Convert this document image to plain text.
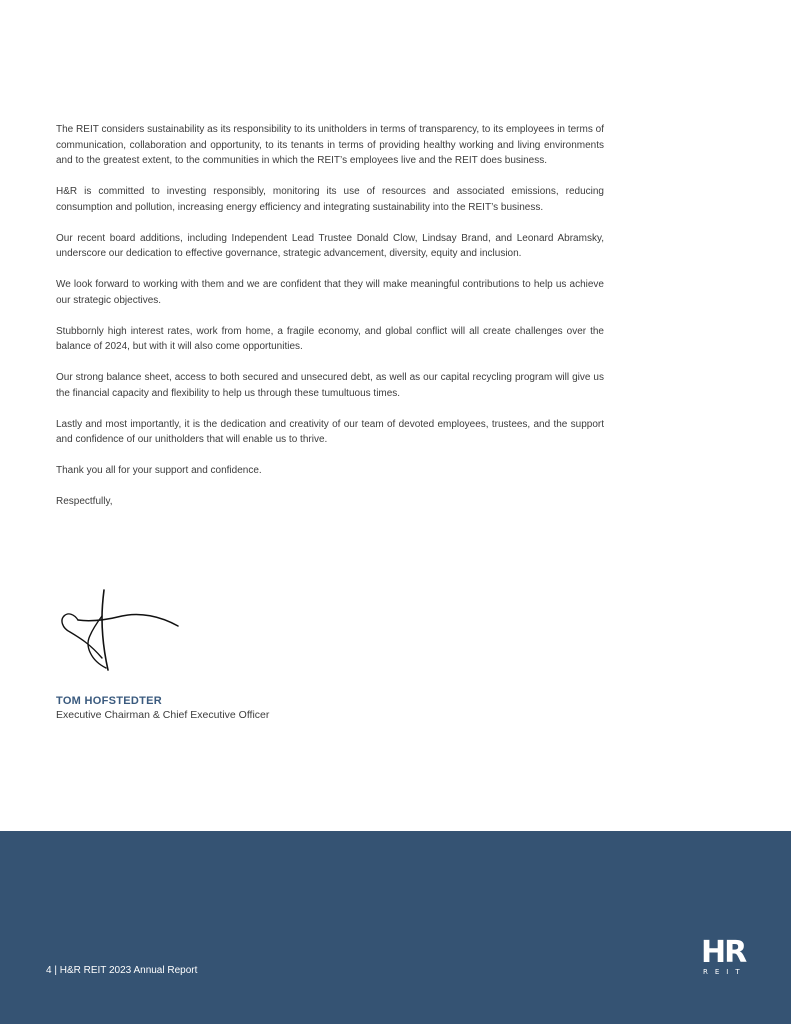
The REIT considers sustainability as its responsibility to its unitholders in terms of transparency, to its employees in terms of communication, collaboration and opportunity, to its tenants in terms of providing healthy working and living environments and to the greatest extent, to the communities in which the REIT’s employees live and the REIT does business.

H&R is committed to investing responsibly, monitoring its use of resources and associated emissions, reducing consumption and pollution, increasing energy efficiency and integrating sustainability into the REIT’s business.

Our recent board additions, including Independent Lead Trustee Donald Clow, Lindsay Brand, and Leonard Abramsky, underscore our dedication to effective governance, strategic advancement, diversity, equity and inclusion.

We look forward to working with them and we are confident that they will make meaningful contributions to help us achieve our strategic objectives.

Stubbornly high interest rates, work from home, a fragile economy, and global conflict will all create challenges over the balance of 2024, but with it will also come opportunities.

Our strong balance sheet, access to both secured and unsecured debt, as well as our capital recycling program will give us the financial capacity and flexibility to help us through these tumultuous times.

Lastly and most importantly, it is the dedication and creativity of our team of devoted employees, trustees, and the support and confidence of our unitholders that will enable us to thrive.

Thank you all for your support and confidence.

Respectfully,

TOM HOFSTEDTER
Executive Chairman & Chief Executive Officer
4 | H&R REIT 2023 Annual Report
HR
REIT
